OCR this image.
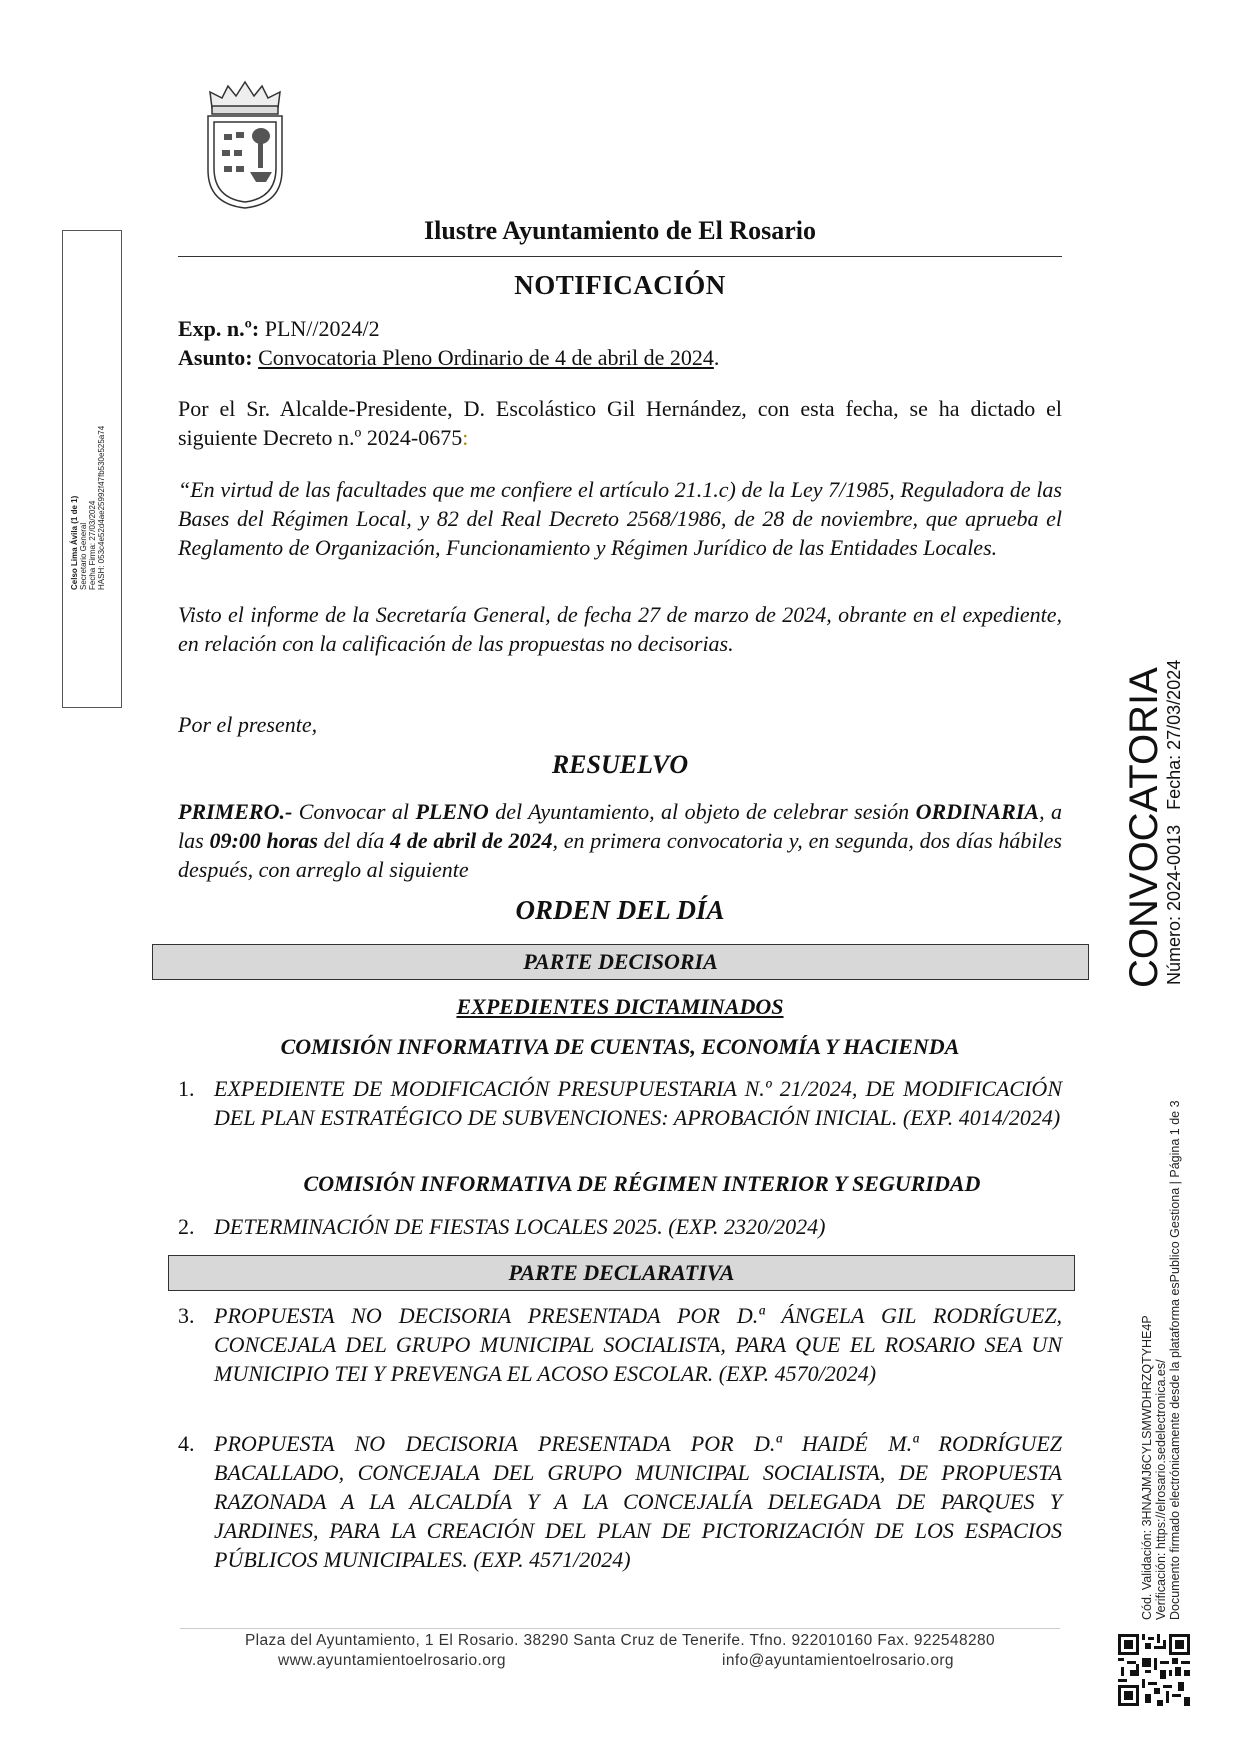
Ilustre Ayuntamiento de El Rosario
NOTIFICACIÓN
Exp. n.º: PLN//2024/2
Asunto: Convocatoria Pleno Ordinario de 4 de abril de 2024.
Por el Sr. Alcalde-Presidente, D. Escolástico Gil Hernández, con esta fecha, se ha dictado el siguiente Decreto n.º 2024-0675:
“En virtud de las facultades que me confiere el artículo 21.1.c) de la Ley 7/1985, Reguladora de las Bases del Régimen Local, y 82 del Real Decreto 2568/1986, de 28 de noviembre, que aprueba el Reglamento de Organización, Funcionamiento y Régimen Jurídico de las Entidades Locales.
Visto el informe de la Secretaría General, de fecha 27 de marzo de 2024, obrante en el expediente, en relación con la calificación de las propuestas no decisorias.
Por el presente,
RESUELVO
PRIMERO.- Convocar al PLENO del Ayuntamiento, al objeto de celebrar sesión ORDINARIA, a las 09:00 horas del día 4 de abril de 2024, en primera convocatoria y, en segunda, dos días hábiles después, con arreglo al siguiente
ORDEN DEL DÍA
PARTE DECISORIA
EXPEDIENTES DICTAMINADOS
COMISIÓN INFORMATIVA DE CUENTAS, ECONOMÍA Y HACIENDA
1. EXPEDIENTE DE MODIFICACIÓN PRESUPUESTARIA N.º 21/2024, DE MODIFICACIÓN DEL PLAN ESTRATÉGICO DE SUBVENCIONES: APROBACIÓN INICIAL. (EXP. 4014/2024)
COMISIÓN INFORMATIVA DE RÉGIMEN INTERIOR Y SEGURIDAD
2. DETERMINACIÓN DE FIESTAS LOCALES 2025. (EXP. 2320/2024)
PARTE DECLARATIVA
3. PROPUESTA NO DECISORIA PRESENTADA POR D.ª ÁNGELA GIL RODRÍGUEZ, CONCEJALA DEL GRUPO MUNICIPAL SOCIALISTA, PARA QUE EL ROSARIO SEA UN MUNICIPIO TEI Y PREVENGA EL ACOSO ESCOLAR. (EXP. 4570/2024)
4. PROPUESTA NO DECISORIA PRESENTADA POR D.ª HAIDÉ M.ª RODRÍGUEZ BACALLADO, CONCEJALA DEL GRUPO MUNICIPAL SOCIALISTA, DE PROPUESTA RAZONADA A LA ALCALDÍA Y A LA CONCEJALÍA DELEGADA DE PARQUES Y JARDINES, PARA LA CREACIÓN DEL PLAN DE PICTORIZACIÓN DE LOS ESPACIOS PÚBLICOS MUNICIPALES. (EXP. 4571/2024)
Plaza del Ayuntamiento, 1 El Rosario. 38290 Santa Cruz de Tenerife. Tfno. 922010160 Fax. 922548280
www.ayuntamientoelrosario.org	info@ayuntamientoelrosario.org
Celso Lima Ávila (1 de 1) Secretario General Fecha Firma: 27/03/2024 HASH: 053c4e52d4ae25992f47fb530e525a74
CONVOCATORIA
Número: 2024-0013   Fecha: 27/03/2024
Cód. Validación: 3HNAJMJ6CYLSMWDHRZQTYHE4P Verificación: https://elrosario.sedelectronica.es/ Documento firmado electrónicamente desde la plataforma esPublico Gestiona | Página 1 de 3
